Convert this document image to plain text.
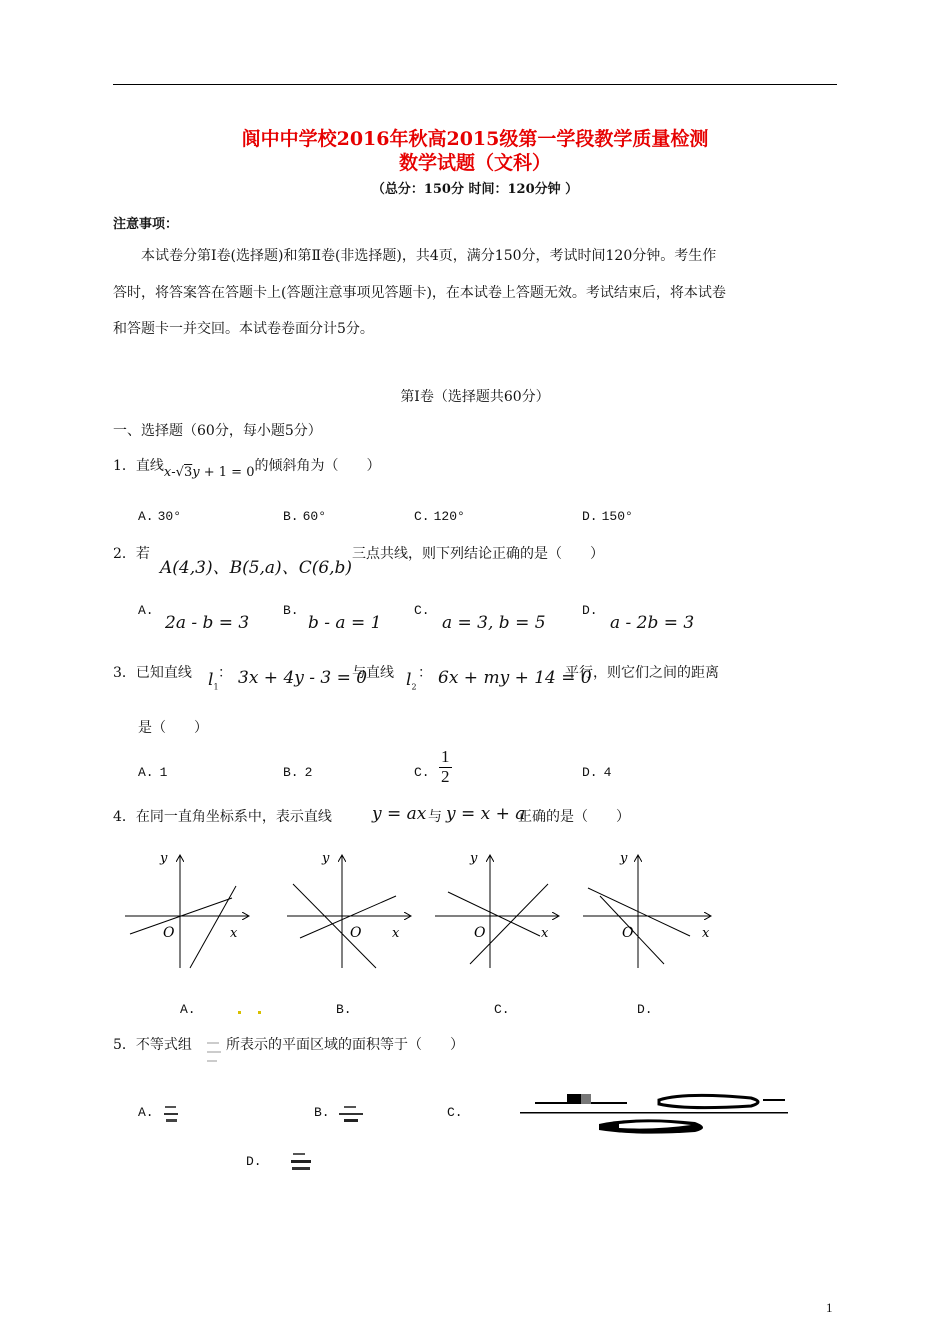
阆中中学校2016年秋高2015级第一学段教学质量检测
数学试题（文科）
（总分：150分 时间：120分钟 ）
注意事项：
本试卷分第Ⅰ卷(选择题)和第Ⅱ卷(非选择题)，共4页，满分150分，考试时间120分钟。考生作
答时，将答案答在答题卡上(答题注意事项见答题卡)，在本试卷上答题无效。考试结束后，将本试卷
和答题卡一并交回。本试卷卷面分计5分。
第Ⅰ卷（选择题共60分）
一、选择题（60分，每小题5分）
1．直线x-√3y + 1 = 0的倾斜角为（　　）
A. 30°	B. 60°	C. 120°	D. 150°
2．若
A(4,3)、B(5,a)、C(6,b)
三点共线，则下列结论正确的是（　　）
A.
2a - b = 3
B.
b - a = 1
C.
a = 3, b = 5
D.
a - 2b = 3
3．已知直线 $l_1$
： 3x + 4y - 3 = 0
与直线 $l_2$
： 6x + my + 14 = 0
平行，则它们之间的距离
是（　　）
A. 1	B. 2	C. $\frac{1}{2}$	D. 4
4．在同一直角坐标系中，表示直线 y = ax 与 y = x + a
正确的是（　　）
y
O	x
y
O x
y
O	x
y
O	x
A.	B.	C.	D.
5．不等式组 所表示的平面区域的面积等于（　　）
A.	B.	C.
D.
1
